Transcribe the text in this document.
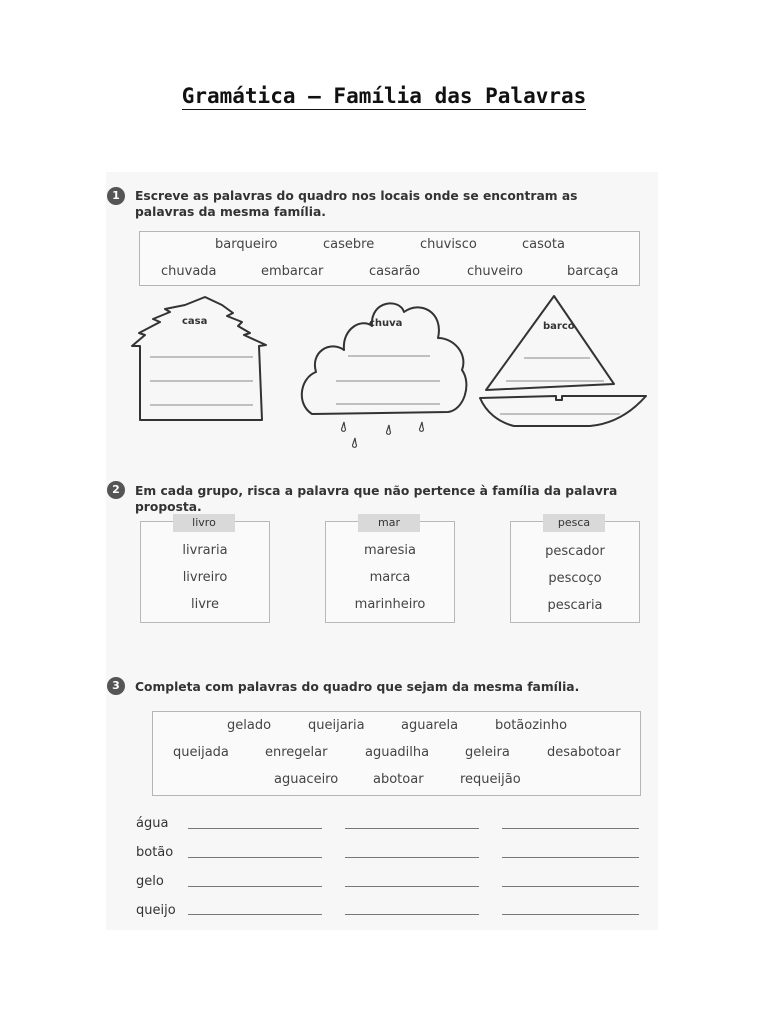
Gramática – Família das Palavras
1	Escreve as palavras do quadro nos locais onde se encontram as palavras da mesma família.
barqueiro	casebre	chuvisco	casota
chuvada	embarcar	casarão	chuveiro	barcaça
casa	chuva	barco
2	Em cada grupo, risca a palavra que não pertence à família da palavra proposta.
livro
livraria
livreiro
livre
mar
maresia
marca
marinheiro
pesca
pescador
pescoço
pescaria
3	Completa com palavras do quadro que sejam da mesma família.
gelado	queijaria	aguarela	botãozinho
queijada	enregelar	aguadilha	geleira	desabotoar
aguaceiro	abotoar	requeijão
água
botão
gelo
queijo
